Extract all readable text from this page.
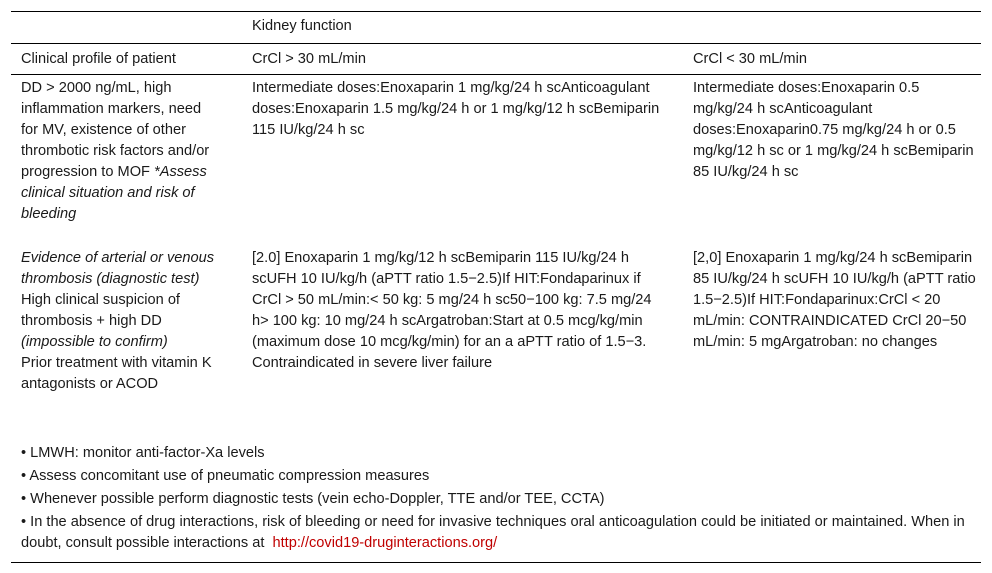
Kidney function
Clinical profile of patient	CrCl > 30 mL/min	CrCl < 30 mL/min
DD > 2000 ng/mL, high inflammation markers, need for MV, existence of other thrombotic risk factors and/or progression to MOF *Assess clinical situation and risk of bleeding
Intermediate doses:Enoxaparin 1 mg/kg/24 h scAnticoagulant doses:Enoxaparin 1.5 mg/kg/24 h or 1 mg/kg/12 h scBemiparin 115 IU/kg/24 h sc
Intermediate doses:Enoxaparin 0.5 mg/kg/24 h scAnticoagulant doses:Enoxaparin0.75 mg/kg/24 h or 0.5 mg/kg/12 h sc or 1 mg/kg/24 h scBemiparin 85 IU/kg/24 h sc

Evidence of arterial or venous thrombosis (diagnostic test)

High clinical suspicion of thrombosis + high DD (impossible to confirm)

Prior treatment with vitamin K antagonists or ACOD

[2.0] Enoxaparin 1 mg/kg/12 h scBemiparin 115 IU/kg/24 h scUFH 10 IU/kg/h (aPTT ratio 1.5−2.5)If HIT:Fondaparinux if CrCl > 50 mL/min:< 50 kg: 5 mg/24 h sc50−100 kg: 7.5 mg/24 h> 100 kg: 10 mg/24 h scArgatroban:Start at 0.5 mcg/kg/min (maximum dose 10 mcg/kg/min) for an a aPTT ratio of 1.5−3. Contraindicated in severe liver failure
[2,0] Enoxaparin 1 mg/kg/24 h scBemiparin 85 IU/kg/24 h scUFH 10 IU/kg/h (aPTT ratio 1.5−2.5)If HIT:Fondaparinux:CrCl < 20 mL/min: CONTRAINDICATED CrCl 20−50 mL/min: 5 mgArgatroban: no changes
• LMWH: monitor anti-factor-Xa levels
• Assess concomitant use of pneumatic compression measures
• Whenever possible perform diagnostic tests (vein echo-Doppler, TTE and/or TEE, CCTA)
• In the absence of drug interactions, risk of bleeding or need for invasive techniques oral anticoagulation could be initiated or maintained. When in doubt, consult possible interactions at http://covid19-druginteractions.org/
